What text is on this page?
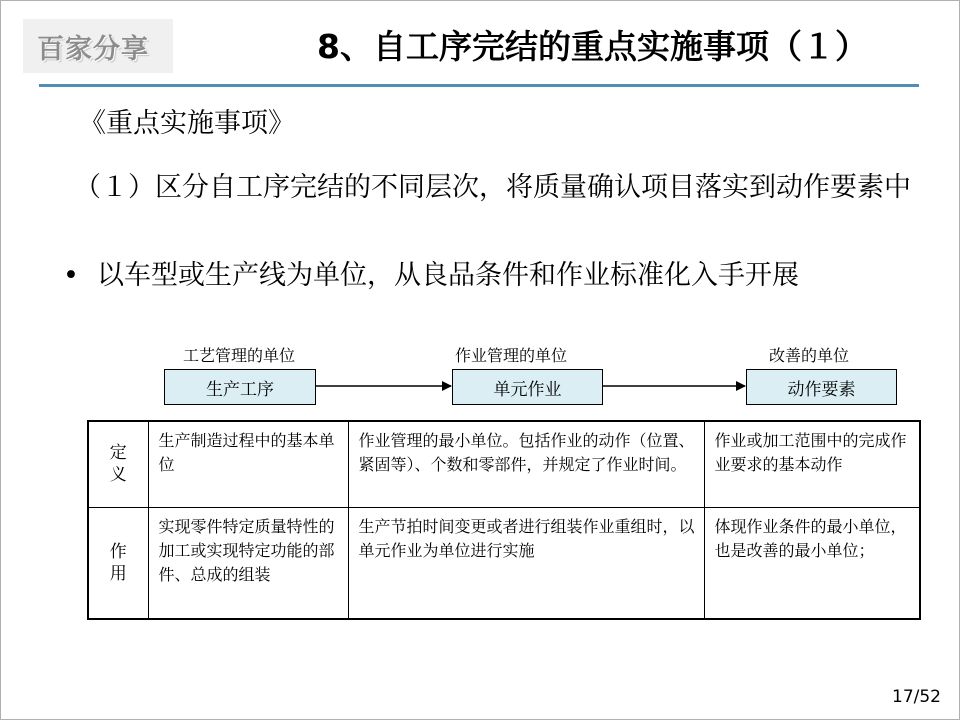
百家分享	8、自工序完结的重点实施事项（１）
《重点实施事项》
（１）区分自工序完结的不同层次，将质量确认项目落实到动作要素中
• 以车型或生产线为单位，从良品条件和作业标准化入手开展
工艺管理的单位
生产工序
作业管理的单位
单元作业
改善的单位
动作要素
定义	生产制造过程中的基本单位	作业管理的最小单位。包括作业的动作（位置、紧固等）、个数和零部件，并规定了作业时间。	作业或加工范围中的完成作业要求的基本动作
作用	实现零件特定质量特性的加工或实现特定功能的部件、总成的组装	生产节拍时间变更或者进行组装作业重组时，以单元作业为单位进行实施	体现作业条件的最小单位，也是改善的最小单位；
17/52
